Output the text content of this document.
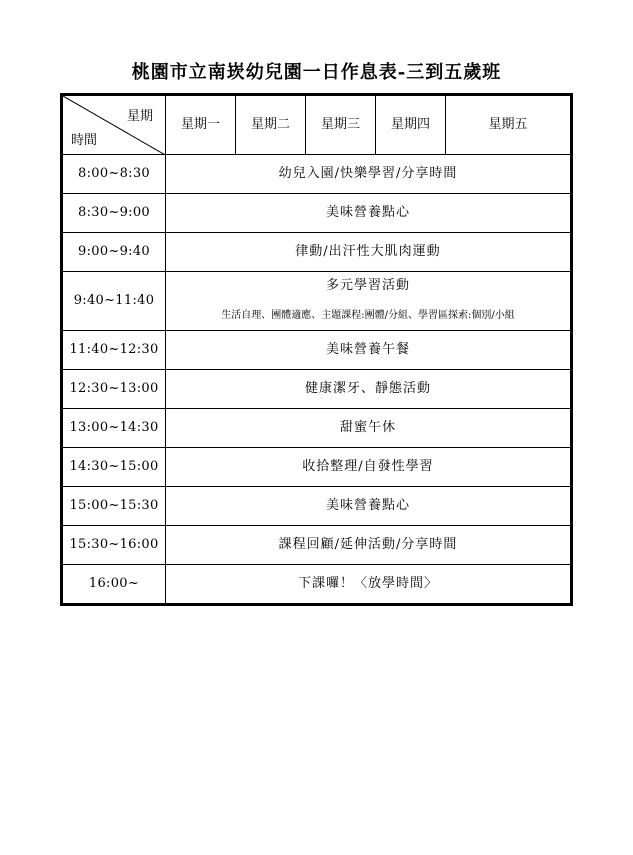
桃園市立南崁幼兒園一日作息表-三到五歲班
星期
時間	星期一	星期二	星期三	星期四	星期五
8:00~8:30	幼兒入園/快樂學習/分享時間				

8:30~9:00	美味營養點心				

9:00~9:40	律動/出汗性大肌肉運動				

9:40~11:40	多元學習活動
生活自理、團體適應、主題課程:團體/分組、學習區探索:個別/小組				

11:40~12:30	美味營養午餐				

12:30~13:00	健康潔牙、靜態活動				

13:00~14:30	甜蜜午休				

14:30~15:00	收拾整理/自發性學習				

15:00~15:30	美味營養點心				

15:30~16:00	課程回顧/延伸活動/分享時間				

16:00~	下課囉！〈放學時間〉				
